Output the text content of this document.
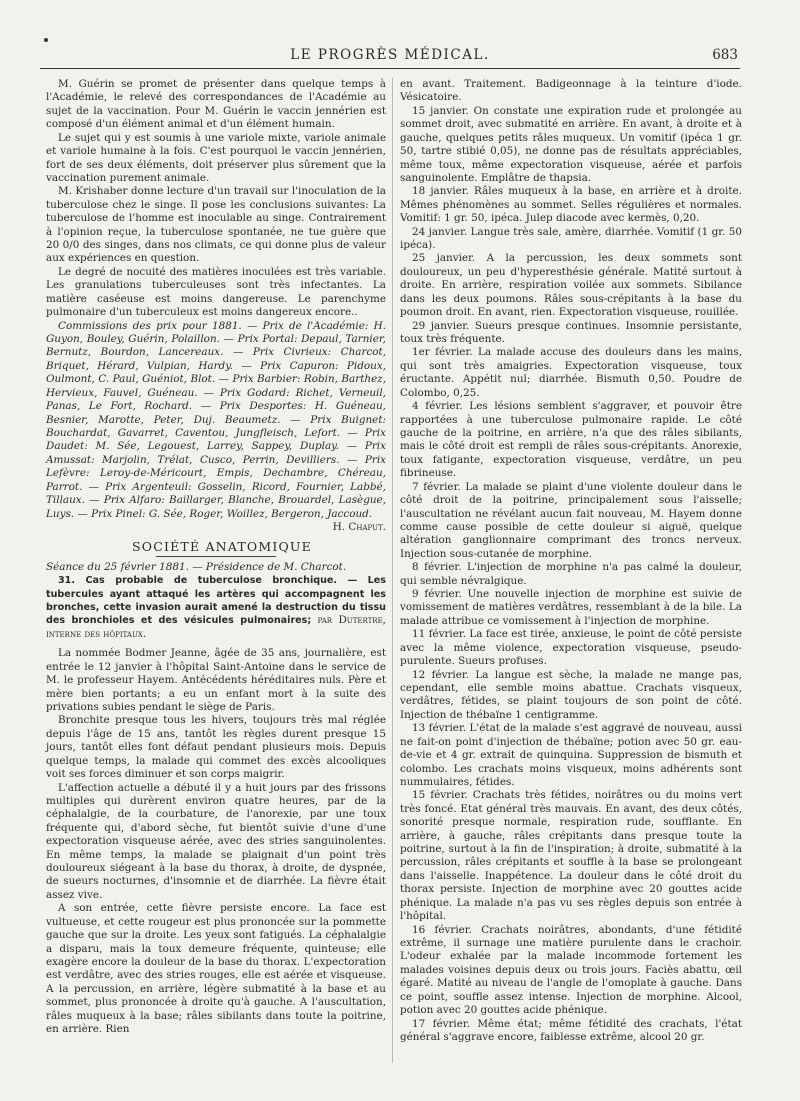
LE PROGRÈS MÉDICAL.	683

M. Guérin se promet de présenter dans quelque temps à l'Académie, le relevé des correspondances de l'Académie au sujet de la vaccination. Pour M. Guérin le vaccin jennérien est composé d'un élément animal et d'un élément humain.

Le sujet qui y est soumis à une variole mixte, variole animale et variole humaine à la fois. C'est pourquoi le vaccin jennérien, fort de ses deux éléments, doit préserver plus sûrement que la vaccination purement animale.

M. Krishaber donne lecture d'un travail sur l'inoculation de la tuberculose chez le singe. Il pose les conclusions suivantes: La tuberculose de l'homme est inoculable au singe. Contrairement à l'opinion reçue, la tuberculose spontanée, ne tue guère que 20 0/0 des singes, dans nos climats, ce qui donne plus de valeur aux expériences en question.

Le degré de nocuité des matières inoculées est très variable. Les granulations tuberculeuses sont très infectantes. La matière caséeuse est moins dangereuse. Le parenchyme pulmonaire d'un tuberculeux est moins dangereux encore..

Commissions des prix pour 1881. — Prix de l'Académie: H. Guyon, Bouley, Guérin, Polaillon. — Prix Portal: Depaul, Tarnier, Bernutz, Bourdon, Lancereaux. — Prix Civrieux: Charcot, Briquet, Hérard, Vulpian, Hardy. — Prix Capuron: Pidoux, Oulmont, C. Paul, Guéniot, Blot. — Prix Barbier: Robin, Barthez, Hervieux, Fauvel, Guéneau. — Prix Godard: Richet, Verneuil, Panas, Le Fort, Rochard. — Prix Desportes: H. Guéneau, Besnier, Marotte, Peter, Duj. Beaumetz. — Prix Buignet: Bouchardat, Gavarret, Caventou, Jungfleisch, Lefort. — Prix Daudet: M. Sée, Legouest, Larrey, Sappey, Duplay. — Prix Amussat: Marjolin, Trélat, Cusco, Perrin, Devilliers. — Prix Lefèvre: Leroy-de-Méricourt, Empis, Dechambre, Chéreau, Parrot. — Prix Argenteuil: Gosselin, Ricord, Fournier, Labbé, Tillaux. — Prix Alfaro: Baillarger, Blanche, Brouardel, Lasègue, Luys. — Prix Pinel: G. Sée, Roger, Woillez, Bergeron, Jaccoud.

H. Chaput.

SOCIÉTÉ ANATOMIQUE

Séance du 25 février 1881. — Présidence de M. Charcot.

31. Cas probable de tuberculose bronchique. — Les tubercules ayant attaqué les artères qui accompagnent les bronches, cette invasion aurait amené la destruction du tissu des bronchioles et des vésicules pulmonaires; par Dutertre, interne des hôpitaux.

La nommée Bodmer Jeanne, âgée de 35 ans, journalière, est entrée le 12 janvier à l'hôpital Saint-Antoine dans le service de M. le professeur Hayem. Antécédents héréditaires nuls. Père et mère bien portants; a eu un enfant mort à la suite des privations subies pendant le siège de Paris.

Bronchite presque tous les hivers, toujours très mal réglée depuis l'âge de 15 ans, tantôt les règles durent presque 15 jours, tantôt elles font défaut pendant plusieurs mois. Depuis quelque temps, la malade qui commet des excès alcooliques voit ses forces diminuer et son corps maigrir.

L'affection actuelle a débuté il y a huit jours par des frissons multiples qui durèrent environ quatre heures, par de la céphalalgie, de la courbature, de l'anorexie, par une toux fréquente qui, d'abord sèche, fut bientôt suivie d'une d'une expectoration visqueuse aérée, avec des stries sanguinolentes. En même temps, la malade se plaignait d'un point très douloureux siégeant à la base du thorax, à droite, de dyspnée, de sueurs nocturnes, d'insomnie et de diarrhée. La fièvre était assez vive.

A son entrée, cette fièvre persiste encore. La face est vultueuse, et cette rougeur est plus prononcée sur la pommette gauche que sur la droite. Les yeux sont fatigués. La céphalalgie a disparu, mais la toux demeure fréquente, quinteuse; elle exagère encore la douleur de la base du thorax. L'expectoration est verdâtre, avec des stries rouges, elle est aérée et visqueuse. A la percussion, en arrière, légère submatité à la base et au sommet, plus prononcée à droite qu'à gauche. A l'auscultation, râles muqueux à la base; râles sibilants dans toute la poitrine, en arrière. Rien

en avant. Traitement. Badigeonnage à la teinture d'iode. Vésicatoire.

15 janvier. On constate une expiration rude et prolongée au sommet droit, avec submatité en arrière. En avant, à droite et à gauche, quelques petits râles muqueux. Un vomitif (ipéca 1 gr. 50, tartre stibié 0,05), ne donne pas de résultats appréciables, même toux, même expectoration visqueuse, aérée et parfois sanguinolente. Emplâtre de thapsia.

18 janvier. Râles muqueux à la base, en arrière et à droite. Mêmes phénomènes au sommet. Selles régulières et normales. Vomitif: 1 gr. 50, ipéca. Julep diacode avec kermès, 0,20.

24 janvier. Langue très sale, amère, diarrhée. Vomitif (1 gr. 50 ipéca).

25 janvier. A la percussion, les deux sommets sont douloureux, un peu d'hyperesthésie générale. Matité surtout à droite. En arrière, respiration voilée aux sommets. Sibilance dans les deux poumons. Râles sous-crépitants à la base du poumon droit. En avant, rien. Expectoration visqueuse, rouillée.

29 janvier. Sueurs presque continues. Insomnie persistante, toux très fréquente.

1er février. La malade accuse des douleurs dans les mains, qui sont très amaigries. Expectoration visqueuse, toux éructante. Appétit nul; diarrhée. Bismuth 0,50. Poudre de Colombo, 0,25.

4 février. Les lésions semblent s'aggraver, et pouvoir être rapportées à une tuberculose pulmonaire rapide. Le côté gauche de la poitrine, en arrière, n'a que des râles sibilants, mais le côté droit est rempli de râles sous-crépitants. Anorexie, toux fatigante, expectoration visqueuse, verdâtre, un peu fibrineuse.

7 février. La malade se plaint d'une violente douleur dans le côté droit de la poitrine, principalement sous l'aisselle; l'auscultation ne révélant aucun fait nouveau, M. Hayem donne comme cause possible de cette douleur si aiguë, quelque altération ganglionnaire comprimant des troncs nerveux. Injection sous-cutanée de morphine.

8 février. L'injection de morphine n'a pas calmé la douleur, qui semble névralgique.

9 février. Une nouvelle injection de morphine est suivie de vomissement de matières verdâtres, ressemblant à de la bile. La malade attribue ce vomissement à l'injection de morphine.

11 février. La face est tirée, anxieuse, le point de côté persiste avec la même violence, expectoration visqueuse, pseudo-purulente. Sueurs profuses.

12 février. La langue est sèche, la malade ne mange pas, cependant, elle semble moins abattue. Crachats visqueux, verdâtres, fétides, se plaint toujours de son point de côté. Injection de thébaïne 1 centigramme.

13 février. L'état de la malade s'est aggravé de nouveau, aussi ne fait-on point d'injection de thébaïne; potion avec 50 gr. eau-de-vie et 4 gr. extrait de quinquina. Suppression de bismuth et colombo. Les crachats moins visqueux, moins adhérents sont nummulaires, fétides.

15 février. Crachats très fétides, noirâtres ou du moins vert très foncé. Etat général très mauvais. En avant, des deux côtés, sonorité presque normale, respiration rude, soufflante. En arrière, à gauche, râles crépitants dans presque toute la poitrine, surtout à la fin de l'inspiration; à droite, submatité à la percussion, râles crépitants et souffle à la base se prolongeant dans l'aisselle. Inappétence. La douleur dans le côté droit du thorax persiste. Injection de morphine avec 20 gouttes acide phénique. La malade n'a pas vu ses règles depuis son entrée à l'hôpital.

16 février. Crachats noirâtres, abondants, d'une fétidité extrême, il surnage une matière purulente dans le crachoir. L'odeur exhalée par la malade incommode fortement les malades voisines depuis deux ou trois jours. Faciès abattu, œil égaré. Matité au niveau de l'angle de l'omoplate à gauche. Dans ce point, souffle assez intense. Injection de morphine. Alcool, potion avec 20 gouttes acide phénique.

17 février. Même état; même fétidité des crachats, l'état général s'aggrave encore, faiblesse extrême, alcool 20 gr.
